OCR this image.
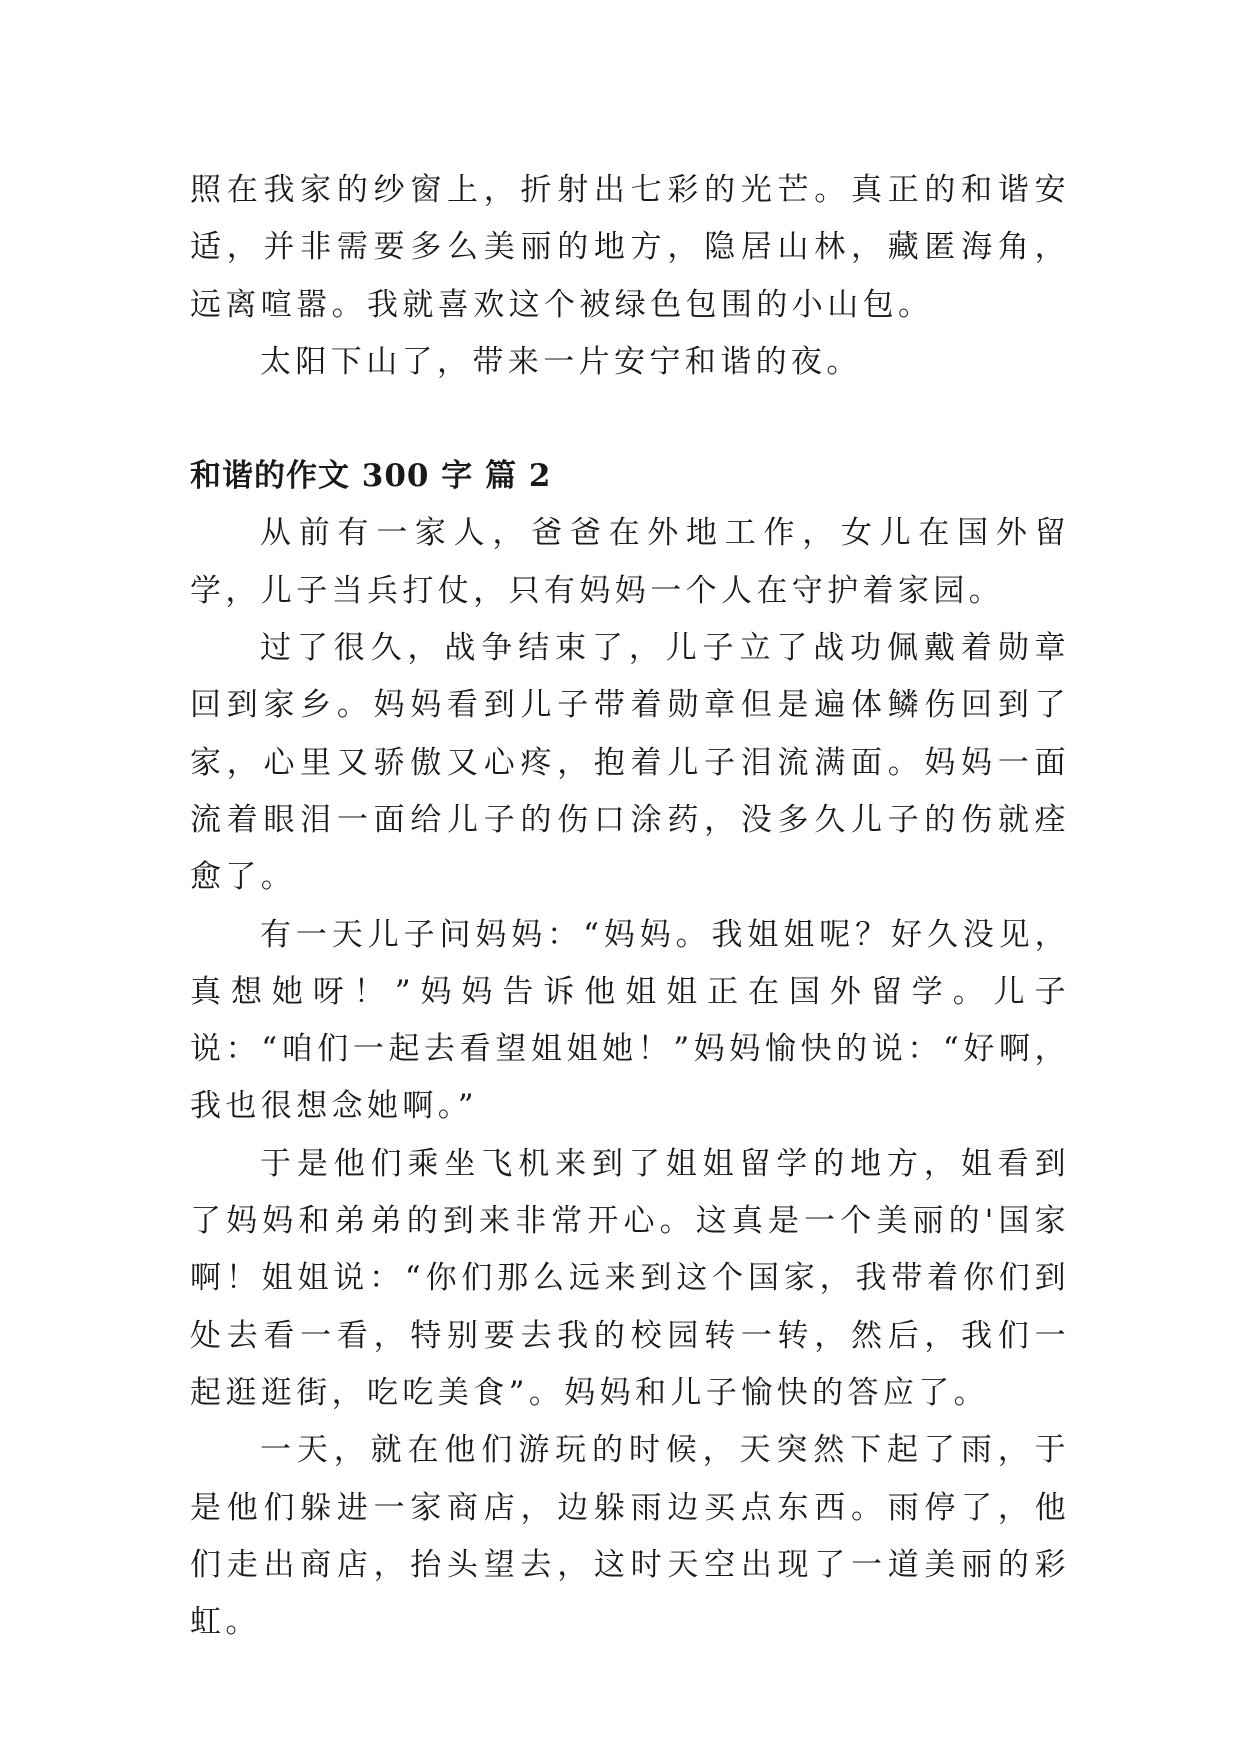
照在我家的纱窗上，折射出七彩的光芒。真正的和谐安适，并非需要多么美丽的地方，隐居山林，藏匿海角，远离喧嚣。我就喜欢这个被绿色包围的小山包。

太阳下山了，带来一片安宁和谐的夜。

和谐的作文 300 字 篇 2

从前有一家人，爸爸在外地工作，女儿在国外留学，儿子当兵打仗，只有妈妈一个人在守护着家园。

过了很久，战争结束了，儿子立了战功佩戴着勋章回到家乡。妈妈看到儿子带着勋章但是遍体鳞伤回到了家，心里又骄傲又心疼，抱着儿子泪流满面。妈妈一面流着眼泪一面给儿子的伤口涂药，没多久儿子的伤就痊愈了。

有一天儿子问妈妈：“妈妈。我姐姐呢？好久没见，真想她呀！”妈妈告诉他姐姐正在国外留学。儿子说：“咱们一起去看望姐姐她！”妈妈愉快的说：“好啊，我也很想念她啊。”

于是他们乘坐飞机来到了姐姐留学的地方，姐看到了妈妈和弟弟的到来非常开心。这真是一个美丽的'国家啊！姐姐说：“你们那么远来到这个国家，我带着你们到处去看一看，特别要去我的校园转一转，然后，我们一起逛逛街，吃吃美食”。妈妈和儿子愉快的答应了。

一天，就在他们游玩的时候，天突然下起了雨，于是他们躲进一家商店，边躲雨边买点东西。雨停了，他们走出商店，抬头望去，这时天空出现了一道美丽的彩虹。
